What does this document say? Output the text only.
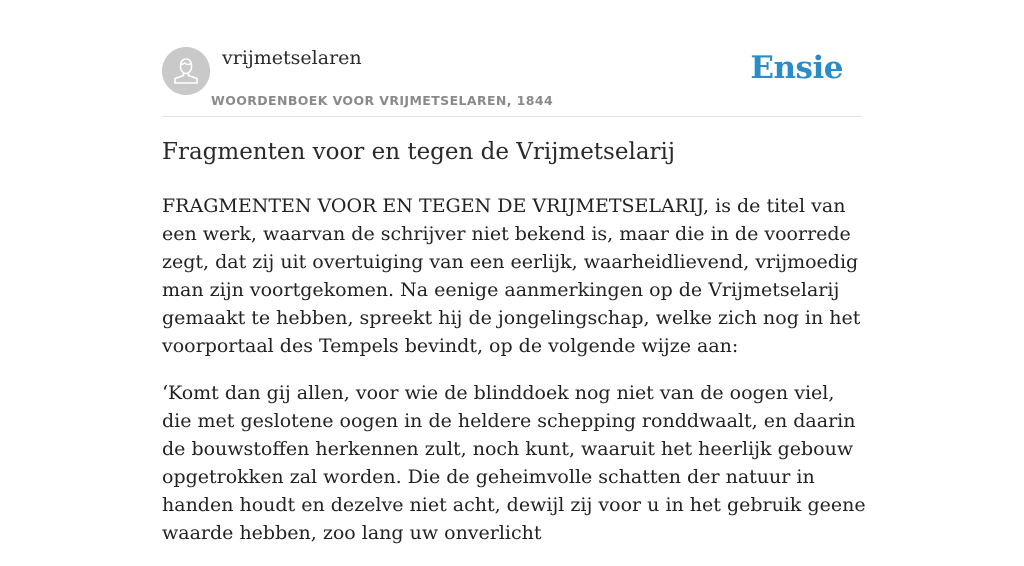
vrijmetselaren
WOORDENBOEK VOOR VRIJMETSELAREN, 1844
Ensie
Fragmenten voor en tegen de Vrijmetselarij

FRAGMENTEN VOOR EN TEGEN DE VRIJMETSELARIJ, is de titel van een werk, waarvan de schrijver niet bekend is, maar die in de voorrede zegt, dat zij uit overtuiging van een eerlijk, waarheidlievend, vrijmoedig man zijn voortgekomen. Na eenige aanmerkingen op de Vrijmetselarij gemaakt te hebben, spreekt hij de jongelingschap, welke zich nog in het voorportaal des Tempels bevindt, op de volgende wijze aan:

‘Komt dan gij allen, voor wie de blinddoek nog niet van de oogen viel, die met geslotene oogen in de heldere schepping ronddwaalt, en daarin de bouwstoffen herkennen zult, noch kunt, waaruit het heerlijk gebouw opgetrokken zal worden. Die de geheimvolle schatten der natuur in handen houdt en dezelve niet acht, dewijl zij voor u in het gebruik geene waarde hebben, zoo lang uw onverlicht
